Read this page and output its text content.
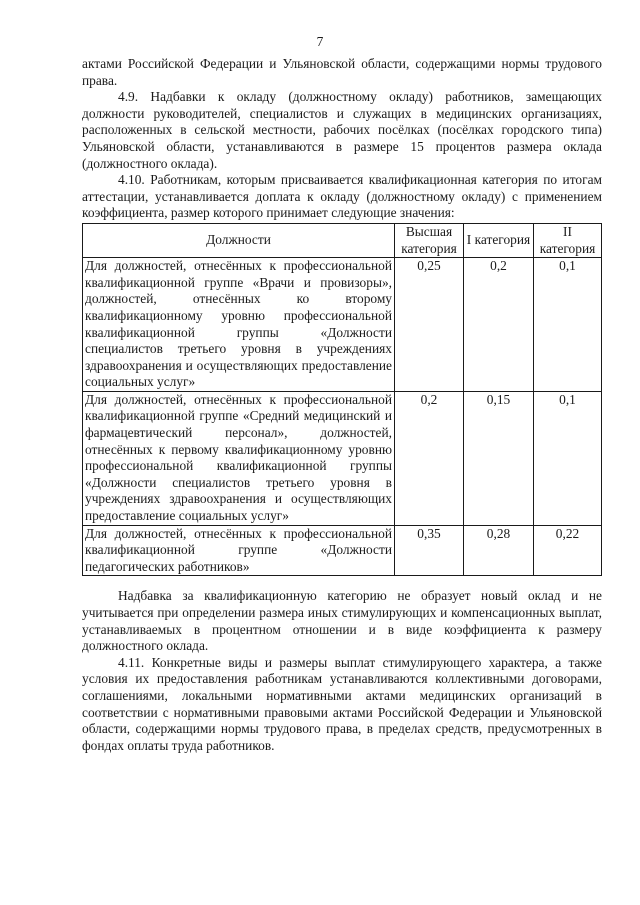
7

актами Российской Федерации и Ульяновской области, содержащими нормы трудового права.

4.9. Надбавки к окладу (должностному окладу) работников, замещающих должности руководителей, специалистов и служащих в медицинских организациях, расположенных в сельской местности, рабочих посёлках (посёлках городского типа) Ульяновской области, устанавливаются в размере 15 процентов размера оклада (должностного оклада).

4.10. Работникам, которым присваивается квалификационная категория по итогам аттестации, устанавливается доплата к окладу (должностному окладу) с применением коэффициента, размер которого принимает следующие значения:

Должности	Высшая категория	I категория	II категория
Для должностей, отнесённых к профессиональной квалификационной группе «Врачи и провизоры», должностей, отнесённых ко второму квалификационному уровню профессиональной квалификационной группы «Должности специалистов третьего уровня в учреждениях здравоохранения и осуществляющих предоставление социальных услуг»	0,25	0,2	0,1
Для должностей, отнесённых к профессиональной квалификационной группе «Средний медицинский и фармацевтический персонал», должностей, отнесённых к первому квалификационному уровню профессиональной квалификационной группы «Должности специалистов третьего уровня в учреждениях здравоохранения и осуществляющих предоставление социальных услуг»	0,2	0,15	0,1
Для должностей, отнесённых к профессиональной квалификационной группе «Должности педагогических работников»	0,35	0,28	0,22

Надбавка за квалификационную категорию не образует новый оклад и не учитывается при определении размера иных стимулирующих и компенсационных выплат, устанавливаемых в процентном отношении и в виде коэффициента к размеру должностного оклада.

4.11. Конкретные виды и размеры выплат стимулирующего характера, а также условия их предоставления работникам устанавливаются коллективными договорами, соглашениями, локальными нормативными актами медицинских организаций в соответствии с нормативными правовыми актами Российской Федерации и Ульяновской области, содержащими нормы трудового права, в пределах средств, предусмотренных в фондах оплаты труда работников.
